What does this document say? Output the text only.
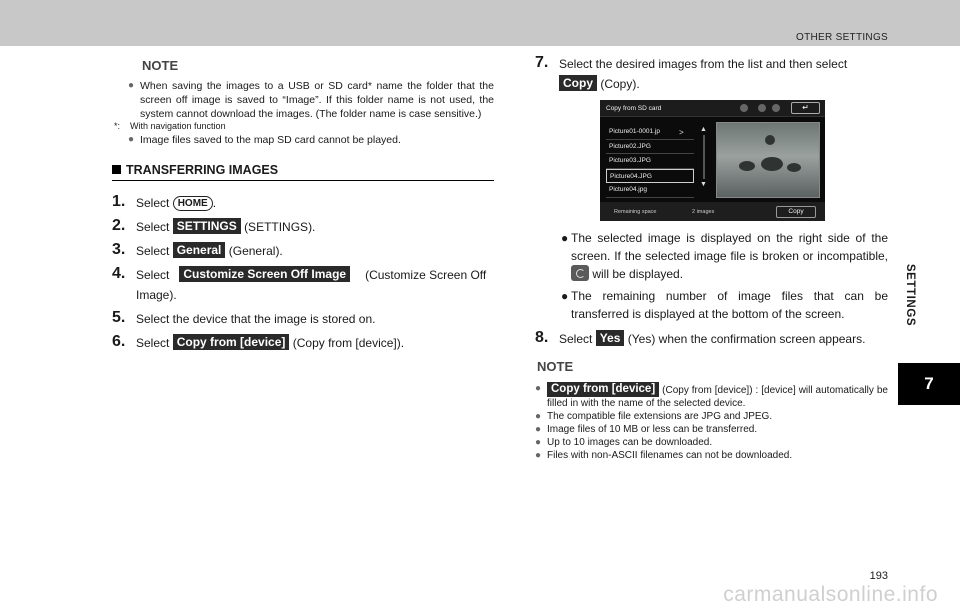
OTHER SETTINGS
SETTINGS
7
NOTE
● When saving the images to a USB or SD card* name the folder that the screen off image is saved to “Image”. If this folder name is not used, the system cannot download the images. (The folder name is case sensitive.)
*: With navigation function
● Image files saved to the map SD card cannot be played.
TRANSFERRING IMAGES
1. Select HOME .
2. Select SETTINGS (SETTINGS).
3. Select General (General).
4. Select Customize Screen Off Image (Customize Screen Off Image).
5. Select the device that the image is stored on.
6. Select Copy from [device] (Copy from [device]).
7. Select the desired images from the list and then select Copy (Copy).
Copy from SD card	↵
Picture01-0001.jp
Picture02.JPG
Picture03.JPG
Picture04.JPG
Picture04.jpg
> ▲
▼
Remaining space	2 images	Copy
● The selected image is displayed on the right side of the screen. If the selected image file is broken or incompatible,  will be displayed.
● The remaining number of image files that can be transferred is displayed at the bottom of the screen.
8. Select Yes (Yes) when the confirmation screen appears.
NOTE
● Copy from [device] (Copy from [device]) : [device] will automatically be filled in with the name of the selected device.
● The compatible file extensions are JPG and JPEG.
● Image files of 10 MB or less can be transferred.
● Up to 10 images can be downloaded.
● Files with non-ASCII filenames can not be downloaded.
193
carmanualsonline.info
